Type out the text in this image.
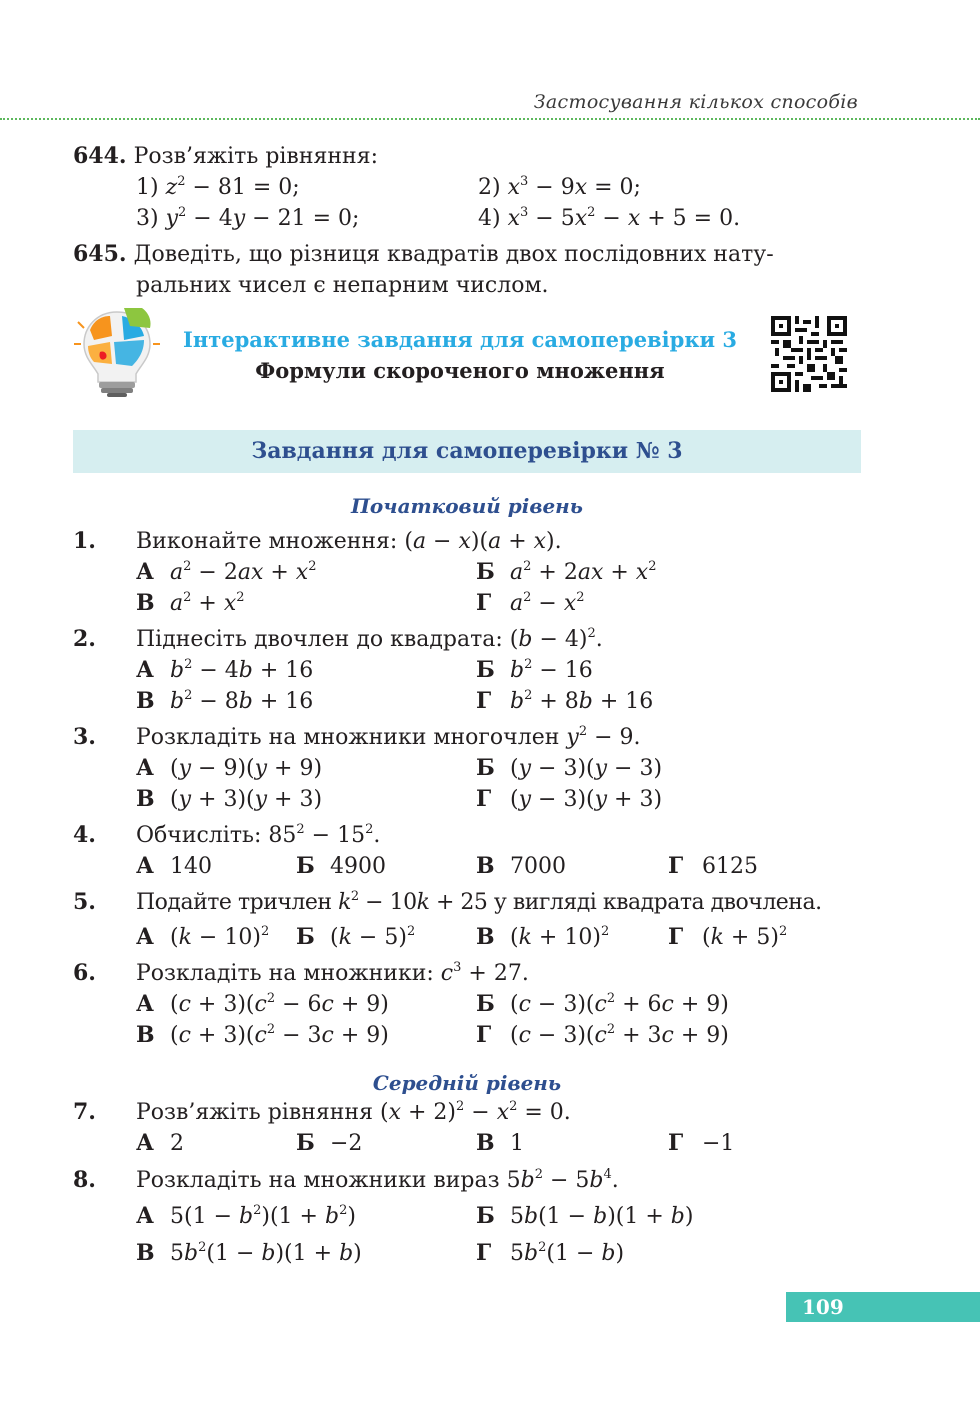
Застосування кількох способів
644. Розв’яжіть рівняння:
1) $z^2 - 81 = 0$;	2) $x^3 - 9x = 0$;
3) $y^2 - 4y - 21 = 0$;	4) $x^3 - 5x^2 - x + 5 = 0$.
645. Доведіть, що різниця квадратів двох послідовних нату-
ральних чисел є непарним числом.
Інтерактивне завдання для самоперевірки 3
Формули скороченого множення
Завдання для самоперевірки № 3
Початковий рівень
1. Виконайте множення: (a − x)(a + x).
А $a^2 - 2ax + x^2$	Б $a^2 + 2ax + x^2$
В $a^2 + x^2$	Г $a^2 - x^2$
2. Піднесіть двочлен до квадрата: $(b - 4)^2$.
А $b^2 - 4b + 16$	Б $b^2 - 16$
В $b^2 - 8b + 16$	Г $b^2 + 8b + 16$
3. Розкладіть на множники многочлен $y^2 - 9$.
А (y − 9)(y + 9)	Б (y − 3)(y − 3)
В (y + 3)(y + 3)	Г (y − 3)(y + 3)
4. Обчисліть: $85^2 - 15^2$.
А 140	Б 4900	В 7000	Г 6125
5. Подайте тричлен $k^2 - 10k + 25$ у вигляді квадрата двочлена.
А $(k - 10)^2$ Б $(k - 5)^2$	В $(k + 10)^2$	Г $(k + 5)^2$
6. Розкладіть на множники: $c^3 + 27$.
А $(c + 3)(c^2 - 6c + 9)$	Б $(c - 3)(c^2 + 6c + 9)$
В $(c + 3)(c^2 - 3c + 9)$	Г $(c - 3)(c^2 + 3c + 9)$
Середній рівень
7. Розв’яжіть рівняння $(x + 2)^2 - x^2 = 0$.
А 2	Б −2	В 1	Г −1
8. Розкладіть на множники вираз $5b^2 - 5b^4$.
А $5(1 - b^2)(1 + b^2)$	Б 5b(1 − b)(1 + b)
В $5b^2(1 - b)(1 + b)$	Г $5b^2(1 - b)$
109
